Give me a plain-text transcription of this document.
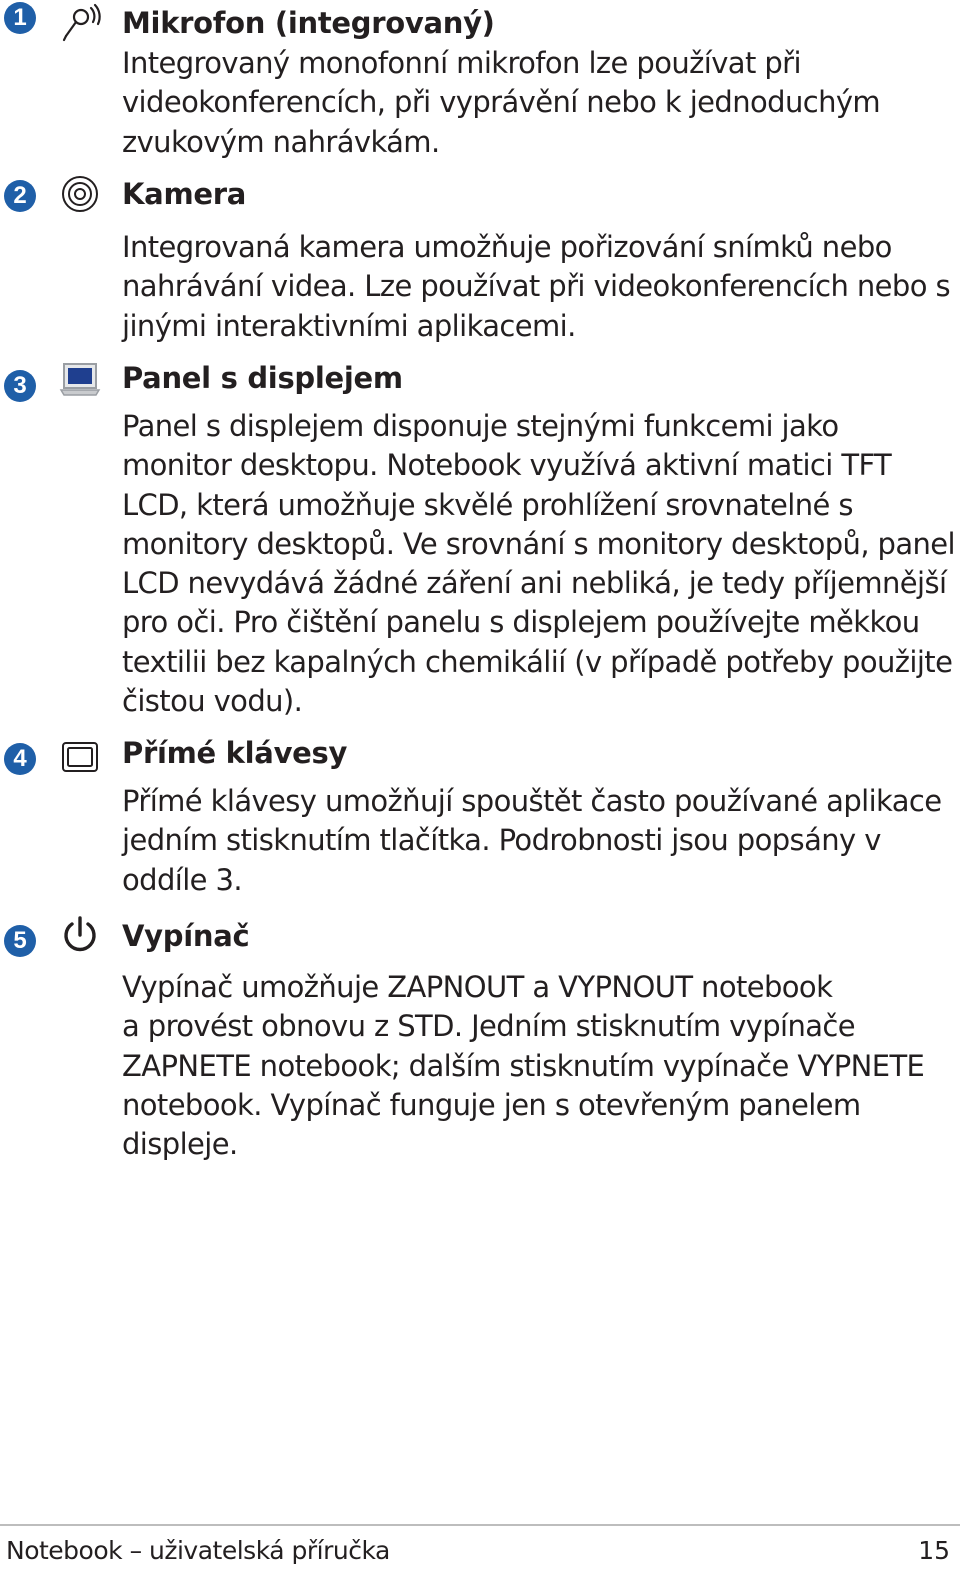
1	Mikrofon (integrovaný)
Integrovaný monofonní mikrofon lze používat při
videokonferencích, při vyprávění nebo k jednoduchým
zvukovým nahrávkám.
2	Kamera
Integrovaná kamera umožňuje pořizování snímků nebo
nahrávání videa. Lze používat při videokonferencích nebo s
jinými interaktivními aplikacemi.
3	Panel s displejem
Panel s displejem disponuje stejnými funkcemi jako
monitor desktopu. Notebook využívá aktivní matici TFT
LCD, která umožňuje skvělé prohlížení srovnatelné s
monitory desktopů. Ve srovnání s monitory desktopů, panel
LCD nevydává žádné záření ani nebliká, je tedy příjemnější
pro oči. Pro čištění panelu s displejem používejte měkkou
textilii bez kapalných chemikálií (v případě potřeby použijte
čistou vodu).
4	Přímé klávesy
Přímé klávesy umožňují spouštět často používané aplikace
jedním stisknutím tlačítka. Podrobnosti jsou popsány v
oddíle 3.
5	Vypínač
Vypínač umožňuje ZAPNOUT a VYPNOUT notebook
a provést obnovu z STD. Jedním stisknutím vypínače
ZAPNETE notebook; dalším stisknutím vypínače VYPNETE
notebook. Vypínač funguje jen s otevřeným panelem
displeje.
Notebook – uživatelská příručka	15
